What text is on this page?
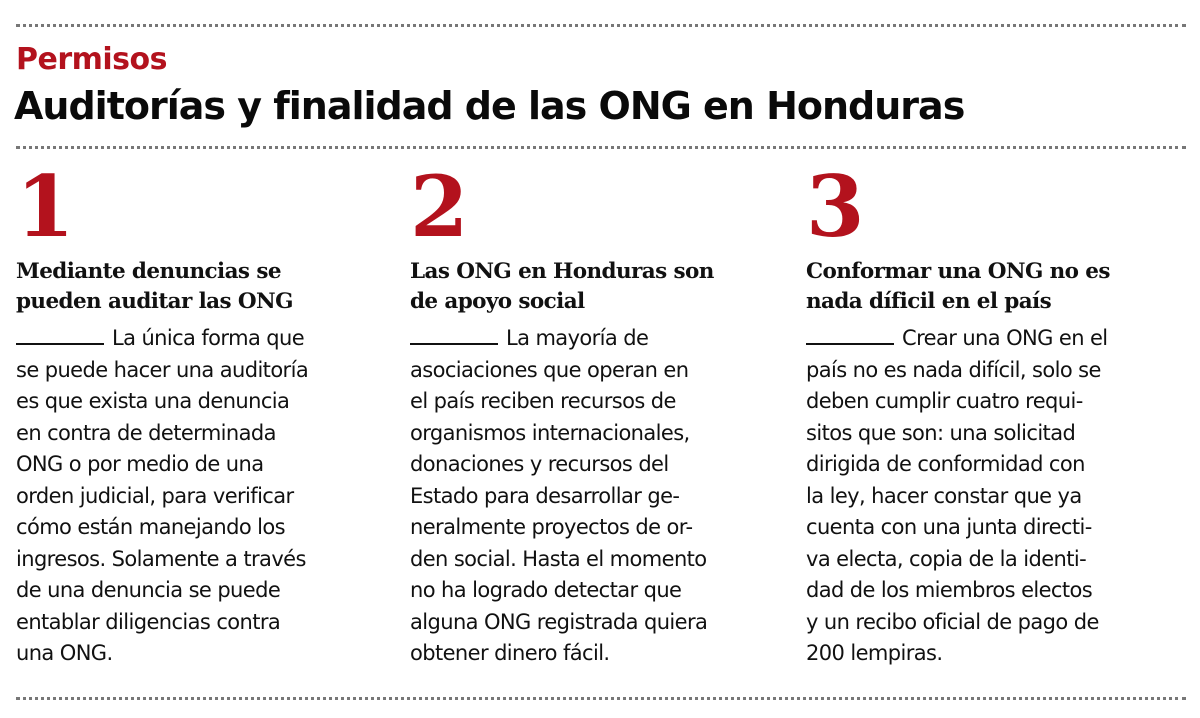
Permisos
Auditorías y finalidad de las ONG en Honduras
1
Mediante denuncias se
pueden auditar las ONG
La única forma que
se puede hacer una auditoría
es que exista una denuncia
en contra de determinada
ONG o por medio de una
orden judicial, para verificar
cómo están manejando los
ingresos. Solamente a través
de una denuncia se puede
entablar diligencias contra
una ONG.
2
Las ONG en Honduras son
de apoyo social
La mayoría de
asociaciones que operan en
el país reciben recursos de
organismos internacionales,
donaciones y recursos del
Estado para desarrollar ge-
neralmente proyectos de or-
den social. Hasta el momento
no ha logrado detectar que
alguna ONG registrada quiera
obtener dinero fácil.
3
Conformar una ONG no es
nada díficil en el país
Crear una ONG en el
país no es nada difícil, solo se
deben cumplir cuatro requi-
sitos que son: una solicitad
dirigida de conformidad con
la ley, hacer constar que ya
cuenta con una junta directi-
va electa, copia de la identi-
dad de los miembros electos
y un recibo oficial de pago de
200 lempiras.
